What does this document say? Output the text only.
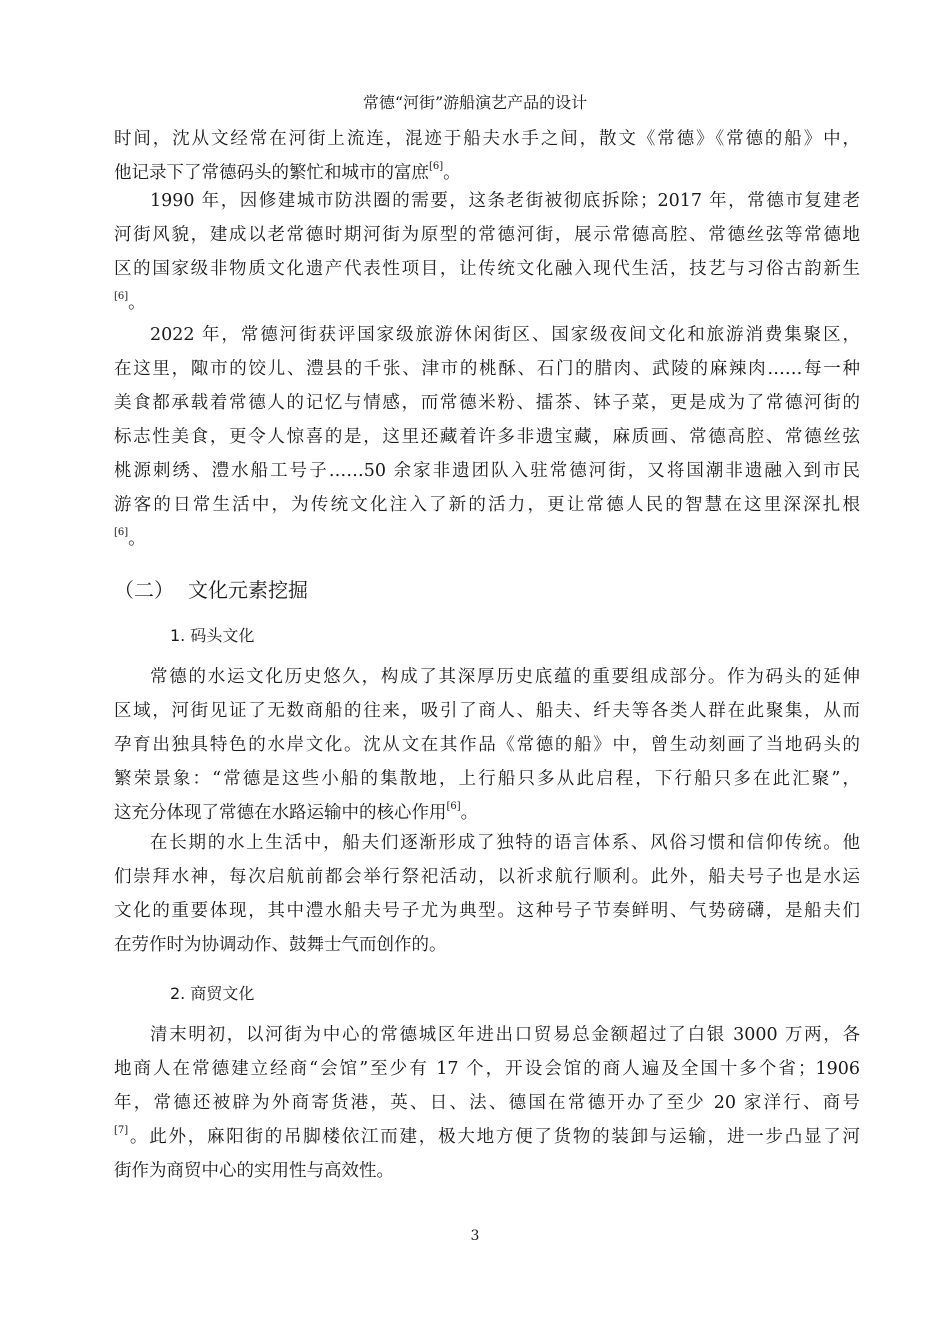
常德“河街”游船演艺产品的设计
时间，沈从文经常在河街上流连，混迹于船夫水手之间，散文《常德》《常德的船》中，
他记录下了常德码头的繁忙和城市的富庶[6]。
1990 年，因修建城市防洪圈的需要，这条老街被彻底拆除；2017 年，常德市复建老
河街风貌，建成以老常德时期河街为原型的常德河街，展示常德高腔、常德丝弦等常德地
区的国家级非物质文化遗产代表性项目，让传统文化融入现代生活，技艺与习俗古韵新生
[6]。
2022 年，常德河街获评国家级旅游休闲街区、国家级夜间文化和旅游消费集聚区，
在这里，陬市的饺儿、澧县的千张、津市的桃酥、石门的腊肉、武陵的麻辣肉……每一种
美食都承载着常德人的记忆与情感，而常德米粉、擂茶、钵子菜，更是成为了常德河街的
标志性美食，更令人惊喜的是，这里还藏着许多非遗宝藏，麻质画、常德高腔、常德丝弦
桃源刺绣、澧水船工号子……50 余家非遗团队入驻常德河街，又将国潮非遗融入到市民
游客的日常生活中，为传统文化注入了新的活力，更让常德人民的智慧在这里深深扎根
[6]。
（二） 文化元素挖掘
1. 码头文化
常德的水运文化历史悠久，构成了其深厚历史底蕴的重要组成部分。作为码头的延伸
区域，河街见证了无数商船的往来，吸引了商人、船夫、纤夫等各类人群在此聚集，从而
孕育出独具特色的水岸文化。沈从文在其作品《常德的船》中，曾生动刻画了当地码头的
繁荣景象：“常德是这些小船的集散地，上行船只多从此启程，下行船只多在此汇聚”，
这充分体现了常德在水路运输中的核心作用[6]。
在长期的水上生活中，船夫们逐渐形成了独特的语言体系、风俗习惯和信仰传统。他
们崇拜水神，每次启航前都会举行祭祀活动，以祈求航行顺利。此外，船夫号子也是水运
文化的重要体现，其中澧水船夫号子尤为典型。这种号子节奏鲜明、气势磅礴，是船夫们
在劳作时为协调动作、鼓舞士气而创作的。
2. 商贸文化
清末明初，以河街为中心的常德城区年进出口贸易总金额超过了白银 3000 万两，各
地商人在常德建立经商“会馆”至少有 17 个，开设会馆的商人遍及全国十多个省；1906
年，常德还被辟为外商寄货港，英、日、法、德国在常德开办了至少 20 家洋行、商号
[7]。此外，麻阳街的吊脚楼依江而建，极大地方便了货物的装卸与运输，进一步凸显了河
街作为商贸中心的实用性与高效性。
3
